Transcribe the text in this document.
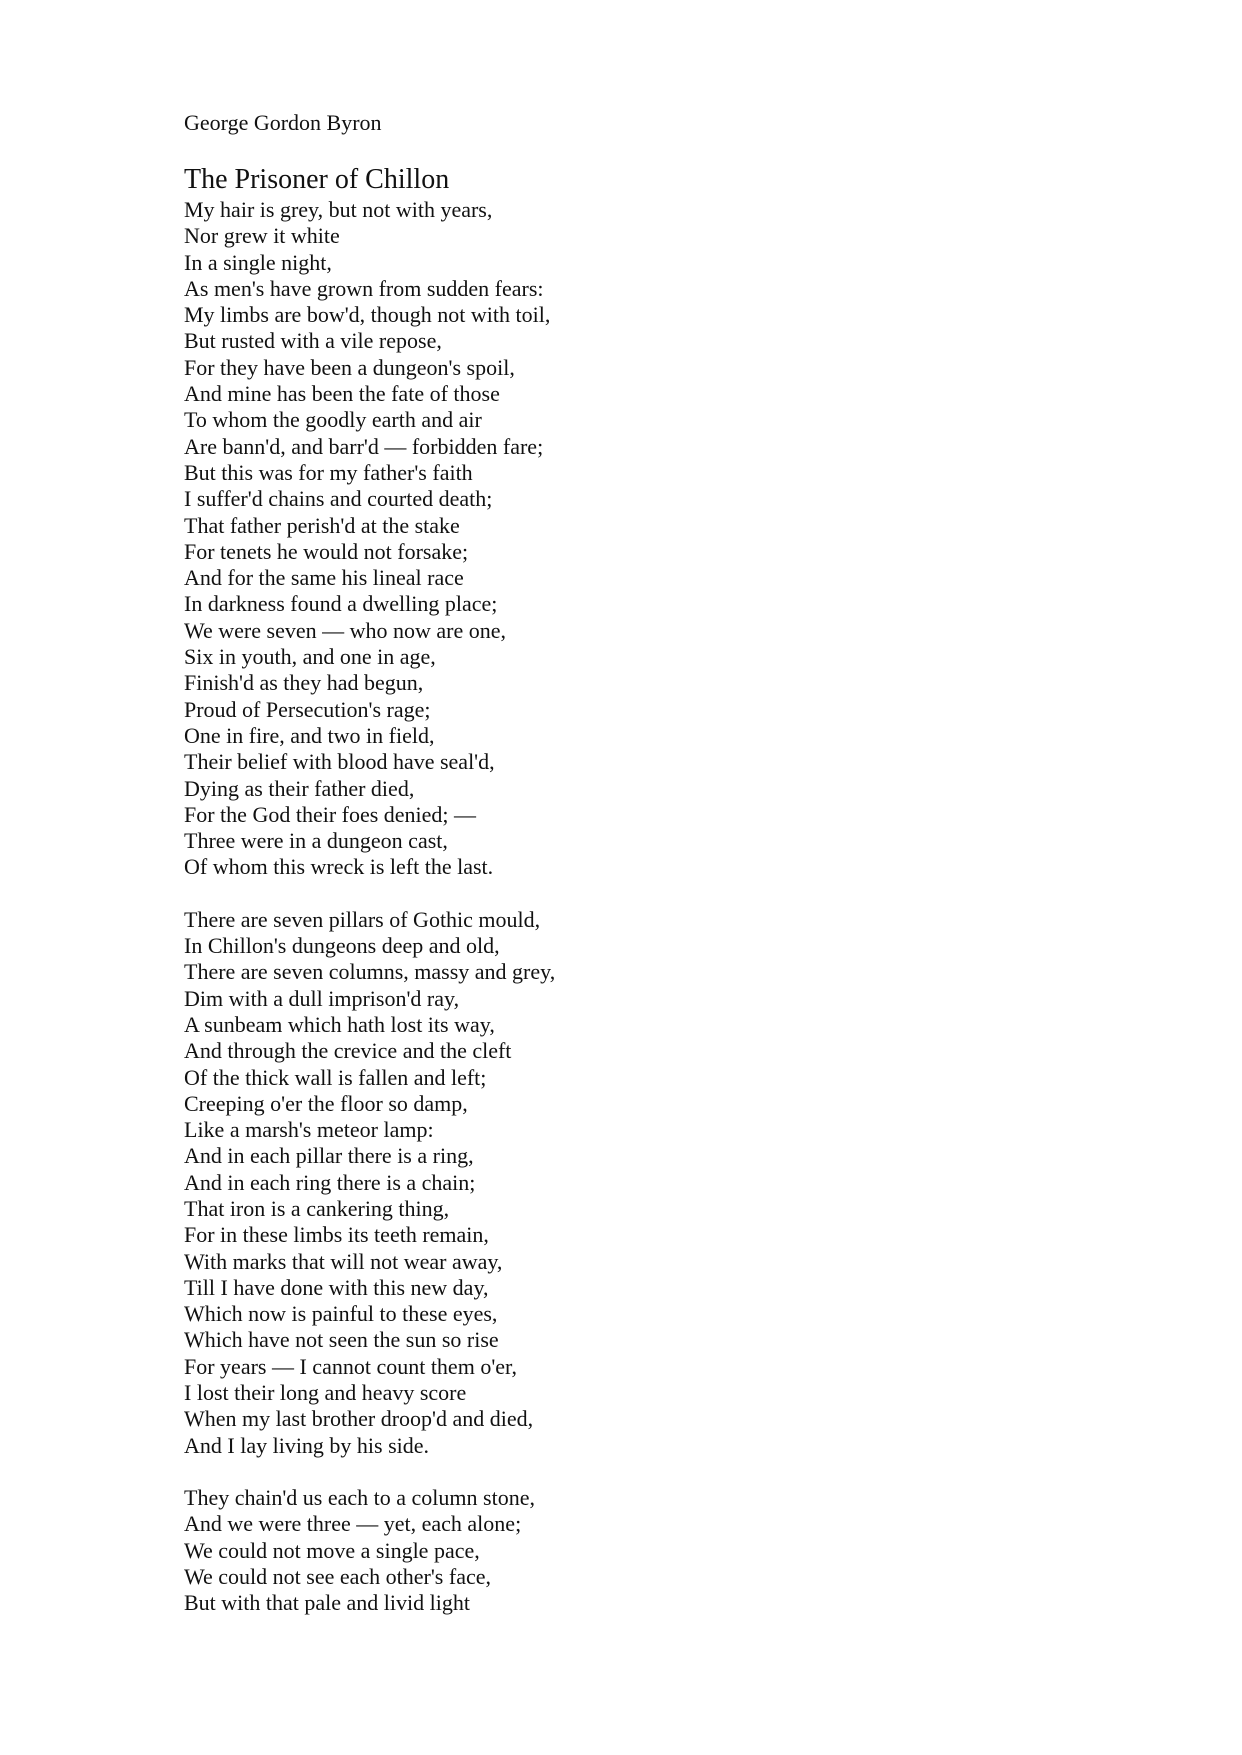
George Gordon Byron
The Prisoner of Chillon
My hair is grey, but not with years,
Nor grew it white
In a single night,
As men's have grown from sudden fears:
My limbs are bow'd, though not with toil,
But rusted with a vile repose,
For they have been a dungeon's spoil,
And mine has been the fate of those
To whom the goodly earth and air
Are bann'd, and barr'd — forbidden fare;
But this was for my father's faith
I suffer'd chains and courted death;
That father perish'd at the stake
For tenets he would not forsake;
And for the same his lineal race
In darkness found a dwelling place;
We were seven — who now are one,
Six in youth, and one in age,
Finish'd as they had begun,
Proud of Persecution's rage;
One in fire, and two in field,
Their belief with blood have seal'd,
Dying as their father died,
For the God their foes denied; —
Three were in a dungeon cast,
Of whom this wreck is left the last.
There are seven pillars of Gothic mould,
In Chillon's dungeons deep and old,
There are seven columns, massy and grey,
Dim with a dull imprison'd ray,
A sunbeam which hath lost its way,
And through the crevice and the cleft
Of the thick wall is fallen and left;
Creeping o'er the floor so damp,
Like a marsh's meteor lamp:
And in each pillar there is a ring,
And in each ring there is a chain;
That iron is a cankering thing,
For in these limbs its teeth remain,
With marks that will not wear away,
Till I have done with this new day,
Which now is painful to these eyes,
Which have not seen the sun so rise
For years — I cannot count them o'er,
I lost their long and heavy score
When my last brother droop'd and died,
And I lay living by his side.
They chain'd us each to a column stone,
And we were three — yet, each alone;
We could not move a single pace,
We could not see each other's face,
But with that pale and livid light
